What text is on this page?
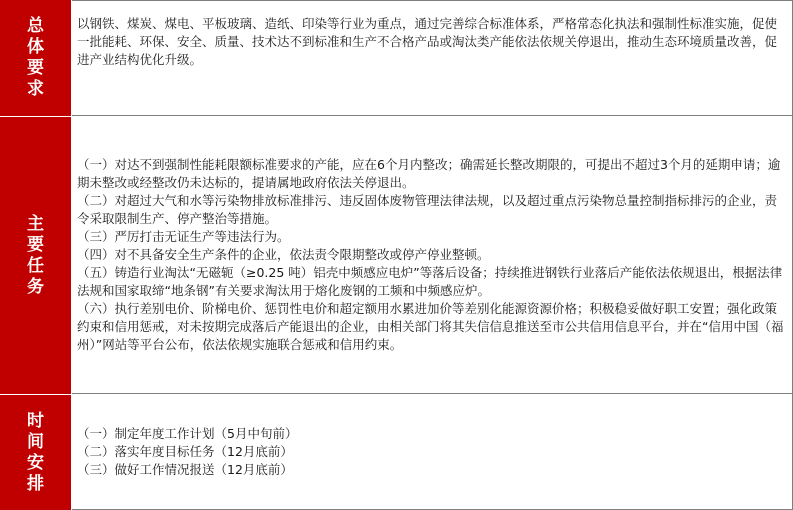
总体要求

以钢铁、煤炭、煤电、平板玻璃、造纸、印染等行业为重点，通过完善综合标准体系，严格常态化执法和强制性标准实施，促使一批能耗、环保、安全、质量、技术达不到标准和生产不合格产品或淘汰类产能依法依规关停退出，推动生态环境质量改善，促进产业结构优化升级。

主要任务

（一）对达不到强制性能耗限额标准要求的产能，应在6个月内整改；确需延长整改期限的，可提出不超过3个月的延期申请；逾期未整改或经整改仍未达标的，提请属地政府依法关停退出。

（二）对超过大气和水等污染物排放标准排污、违反固体废物管理法律法规，以及超过重点污染物总量控制指标排污的企业，责令采取限制生产、停产整治等措施。

（三）严厉打击无证生产等违法行为。

（四）对不具备安全生产条件的企业，依法责令限期整改或停产停业整顿。

（五）铸造行业淘汰“无磁轭（≥0.25 吨）铝壳中频感应电炉”等落后设备；持续推进钢铁行业落后产能依法依规退出，根据法律法规和国家取缔“地条钢”有关要求淘汰用于熔化废钢的工频和中频感应炉。

（六）执行差别电价、阶梯电价、惩罚性电价和超定额用水累进加价等差别化能源资源价格；积极稳妥做好职工安置；强化政策约束和信用惩戒，对未按期完成落后产能退出的企业，由相关部门将其失信信息推送至市公共信用信息平台，并在“信用中国（福州）”网站等平台公布，依法依规实施联合惩戒和信用约束。

时间安排

（一）制定年度工作计划（5月中旬前）

（二）落实年度目标任务（12月底前）

（三）做好工作情况报送（12月底前）
